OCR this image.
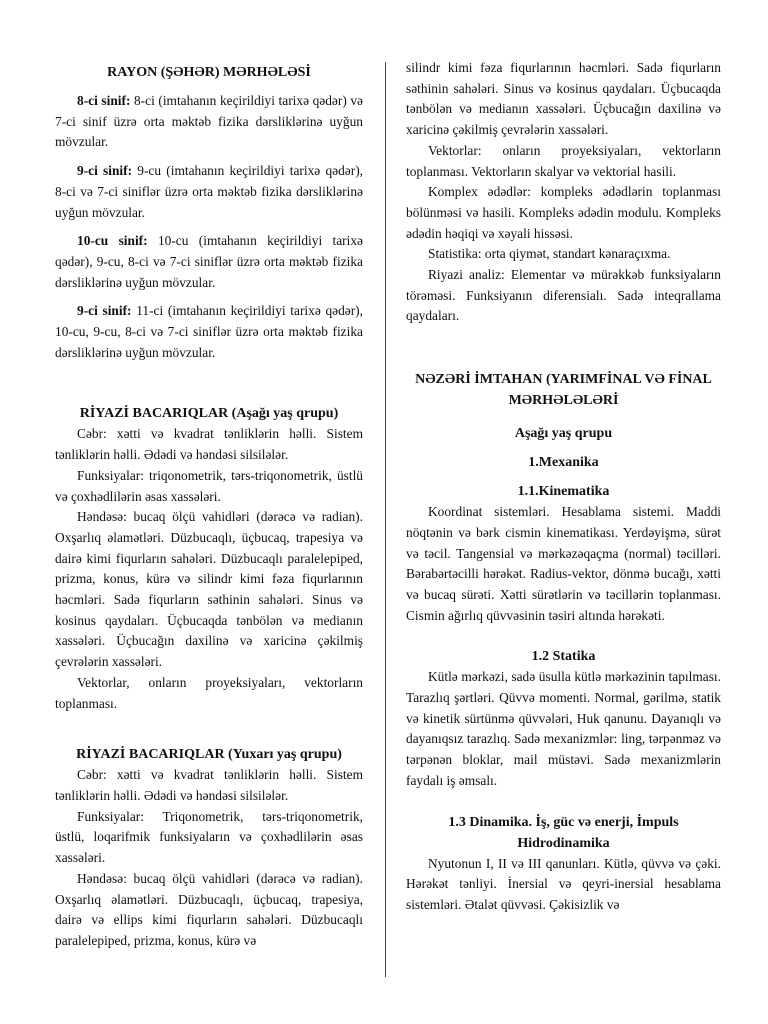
RAYON (ŞƏHƏR) MƏRHƏLƏSİ

8-ci sinif: 8-ci (imtahanın keçirildiyi tarixə qədər) və 7-ci sinif üzrə orta məktəb fizika dərsliklərinə uyğun mövzular.

9-ci sinif: 9-cu (imtahanın keçirildiyi tarixə qədər), 8-ci və 7-ci siniflər üzrə orta məktəb fizika dərsliklərinə uyğun mövzular.

10-cu sinif: 10-cu (imtahanın keçirildiyi tarixə qədər), 9-cu, 8-ci və 7-ci siniflər üzrə orta məktəb fizika dərsliklərinə uyğun mövzular.

9-ci sinif: 11-ci (imtahanın keçirildiyi tarixə qədər), 10-cu, 9-cu, 8-ci və 7-ci siniflər üzrə orta məktəb fizika dərsliklərinə uyğun mövzular.

RİYAZİ BACARIQLAR (Aşağı yaş qrupu)

Cəbr: xətti və kvadrat tənliklərin həlli. Sistem tənliklərin həlli. Ədədi və həndəsi silsilələr.

Funksiyalar: triqonometrik, tərs-triqonometrik, üstlü və çoxhədlilərin əsas xassələri.

Həndəsə: bucaq ölçü vahidləri (dərəcə və radian). Oxşarlıq əlamətləri. Düzbucaqlı, üçbucaq, trapesiya və dairə kimi fiqurların sahələri. Düzbucaqlı paralelepiped, prizma, konus, kürə və silindr kimi fəza fiqurlarının həcmləri. Sadə fiqurların səthinin sahələri. Sinus və kosinus qaydaları. Üçbucaqda tənbölən və medianın xassələri. Üçbucağın daxilinə və xaricinə çəkilmiş çevrələrin xassələri.

Vektorlar, onların proyeksiyaları, vektorların toplanması.

RİYAZİ BACARIQLAR (Yuxarı yaş qrupu)

Cəbr: xətti və kvadrat tənliklərin həlli. Sistem tənliklərin həlli. Ədədi və həndəsi silsilələr.

Funksiyalar: Triqonometrik, tərs-triqonometrik, üstlü, loqarifmik funksiyaların və çoxhədlilərin əsas xassələri.

Həndəsə: bucaq ölçü vahidləri (dərəcə və radian). Oxşarlıq əlamətləri. Düzbucaqlı, üçbucaq, trapesiya, dairə və ellips kimi fiqurların sahələri. Düzbucaqlı paralelepiped, prizma, konus, kürə və

silindr kimi fəza fiqurlarının həcmləri. Sadə fiqurların səthinin sahələri. Sinus və kosinus qaydaları. Üçbucaqda tənbölən və medianın xassələri. Üçbucağın daxilinə və xaricinə çəkilmiş çevrələrin xassələri.

Vektorlar: onların proyeksiyaları, vektorların toplanması. Vektorların skalyar və vektorial hasili.

Komplex ədədlər: kompleks ədədlərin toplanması bölünməsi və hasili. Kompleks ədədin modulu. Kompleks ədədin həqiqi və xəyali hissəsi.

Statistika: orta qiymət, standart kənaraçıxma.

Riyazi analiz: Elementar və mürəkkəb funksiyaların törəməsi. Funksiyanın diferensialı. Sadə inteqrallama qaydaları.

NƏZƏRİ İMTAHAN (YARIMFİNAL VƏ FİNAL MƏRHƏLƏLƏRİ
Aşağı yaş qrupu
1.Mexanika
1.1.Kinematika

Koordinat sistemləri. Hesablama sistemi. Maddi nöqtənin və bərk cismin kinematikası. Yerdəyişmə, sürət və təcil. Tangensial və mərkəzəqaçma (normal) təcilləri. Bərabərtəcilli hərəkət. Radius-vektor, dönmə bucağı, xətti və bucaq sürəti. Xətti sürətlərin və təcillərin toplanması. Cismin ağırlıq qüvvəsinin təsiri altında hərəkəti.

1.2 Statika

Kütlə mərkəzi, sadə üsulla kütlə mərkəzinin tapılması. Tarazlıq şərtləri. Qüvvə momenti. Normal, gərilmə, statik və kinetik sürtünmə qüvvələri, Huk qanunu. Dayanıqlı və dayanıqsız tarazlıq. Sadə mexanizmlər: ling, tərpənməz və tərpənən bloklar, mail müstəvi. Sadə mexanizmlərin faydalı iş əmsalı.

1.3 Dinamika. İş, güc və enerji, İmpuls Hidrodinamika

Nyutonun I, II və III qanunları. Kütlə, qüvvə və çəki. Hərəkət tənliyi. İnersial və qeyri-inersial hesablama sistemləri. Ətalət qüvvəsi. Çəkisizlik və
